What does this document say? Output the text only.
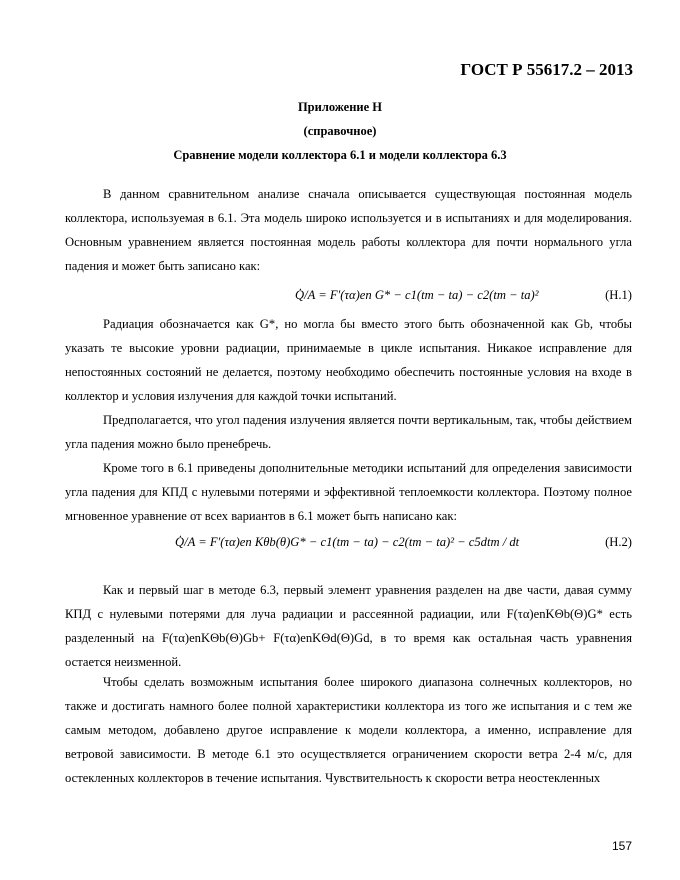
ГОСТ Р 55617.2 – 2013
Приложение Н
(справочное)
Сравнение модели коллектора 6.1 и модели коллектора 6.3

В данном сравнительном анализе сначала описывается существующая постоянная модель коллектора, используемая в 6.1. Эта модель широко используется и в испытаниях и для моделирования. Основным уравнением является постоянная модель работы коллектора для почти нормального угла падения и может быть записано как:

Q̇/A = F′(τα)en G* − c1(tm − ta) − c2(tm − ta)²	(H.1)

Радиация обозначается как G*, но могла бы вместо этого быть обозначенной как Gb, чтобы указать те высокие уровни радиации, принимаемые в цикле испытания. Никакое исправление для непостоянных состояний не делается, поэтому необходимо обеспечить постоянные условия на входе в коллектор и условия излучения для каждой точки испытаний.

Предполагается, что угол падения излучения является почти вертикальным, так, чтобы действием угла падения можно было пренебречь.

Кроме того в 6.1 приведены дополнительные методики испытаний для определения зависимости угла падения для КПД с нулевыми потерями и эффективной теплоемкости коллектора. Поэтому полное мгновенное уравнение от всех вариантов в 6.1 может быть написано как:

Q̇/A = F′(τα)en Kθb(θ)G* − c1(tm − ta) − c2(tm − ta)² − c5dtm / dt	(H.2)

Как и первый шаг в методе 6.3, первый элемент уравнения разделен на две части, давая сумму КПД с нулевыми потерями для луча радиации и рассеянной радиации, или F(τα)enKΘb(Θ)G* есть разделенный на F(τα)enKΘb(Θ)Gb+ F(τα)enKΘd(Θ)Gd, в то время как остальная часть уравнения остается неизменной.

Чтобы сделать возможным испытания более широкого диапазона солнечных коллекторов, но также и достигать намного более полной характеристики коллектора из того же испытания и с тем же самым методом, добавлено другое исправление к модели коллектора, а именно, исправление для ветровой зависимости. В методе 6.1 это осуществляется ограничением скорости ветра 2-4 м/с, для остекленных коллекторов в течение испытания. Чувствительность к скорости ветра неостекленных

157
